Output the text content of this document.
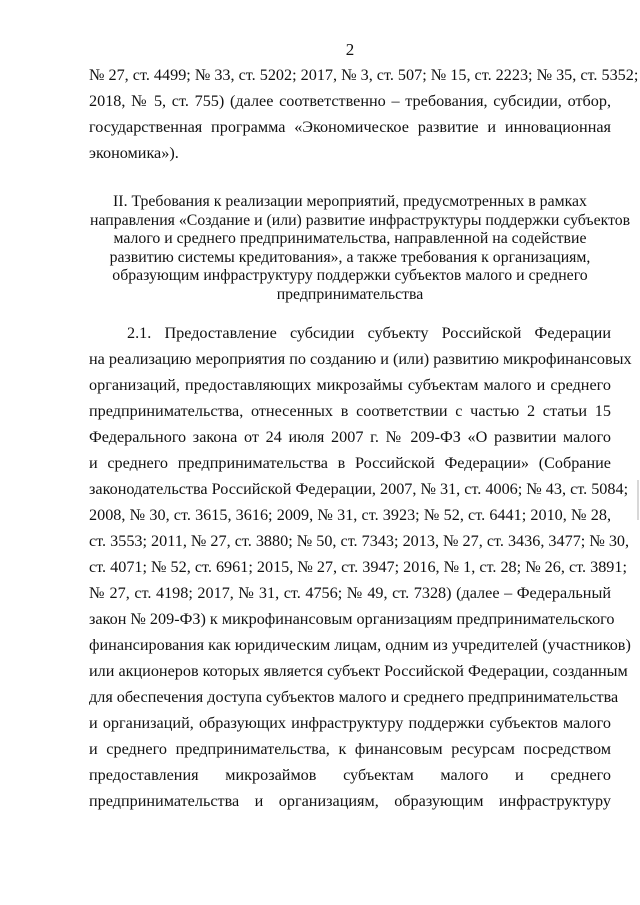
2
№ 27, ст. 4499; № 33, ст. 5202; 2017, № 3, ст. 507; № 15, ст. 2223; № 35, ст. 5352;
2018, № 5, ст. 755) (далее соответственно – требования, субсидии, отбор,
государственная программа «Экономическое развитие и инновационная
экономика»).
II. Требования к реализации мероприятий, предусмотренных в рамках
направления «Создание и (или) развитие инфраструктуры поддержки субъектов
малого и среднего предпринимательства, направленной на содействие
развитию системы кредитования», а также требования к организациям,
образующим инфраструктуру поддержки субъектов малого и среднего
предпринимательства
2.1. Предоставление субсидии субъекту Российской Федерации
на реализацию мероприятия по созданию и (или) развитию микрофинансовых
организаций, предоставляющих микрозаймы субъектам малого и среднего
предпринимательства, отнесенных в соответствии с частью 2 статьи 15
Федерального закона от 24 июля 2007 г. № 209-ФЗ «О развитии малого
и среднего предпринимательства в Российской Федерации» (Собрание
законодательства Российской Федерации, 2007, № 31, ст. 4006; № 43, ст. 5084;
2008, № 30, ст. 3615, 3616; 2009, № 31, ст. 3923; № 52, ст. 6441; 2010, № 28,
ст. 3553; 2011, № 27, ст. 3880; № 50, ст. 7343; 2013, № 27, ст. 3436, 3477; № 30,
ст. 4071; № 52, ст. 6961; 2015, № 27, ст. 3947; 2016, № 1, ст. 28; № 26, ст. 3891;
№ 27, ст. 4198; 2017, № 31, ст. 4756; № 49, ст. 7328) (далее – Федеральный
закон № 209-ФЗ) к микрофинансовым организациям предпринимательского
финансирования как юридическим лицам, одним из учредителей (участников)
или акционеров которых является субъект Российской Федерации, созданным
для обеспечения доступа субъектов малого и среднего предпринимательства
и организаций, образующих инфраструктуру поддержки субъектов малого
и среднего предпринимательства, к финансовым ресурсам посредством
предоставления микрозаймов субъектам малого и среднего
предпринимательства и организациям, образующим инфраструктуру
